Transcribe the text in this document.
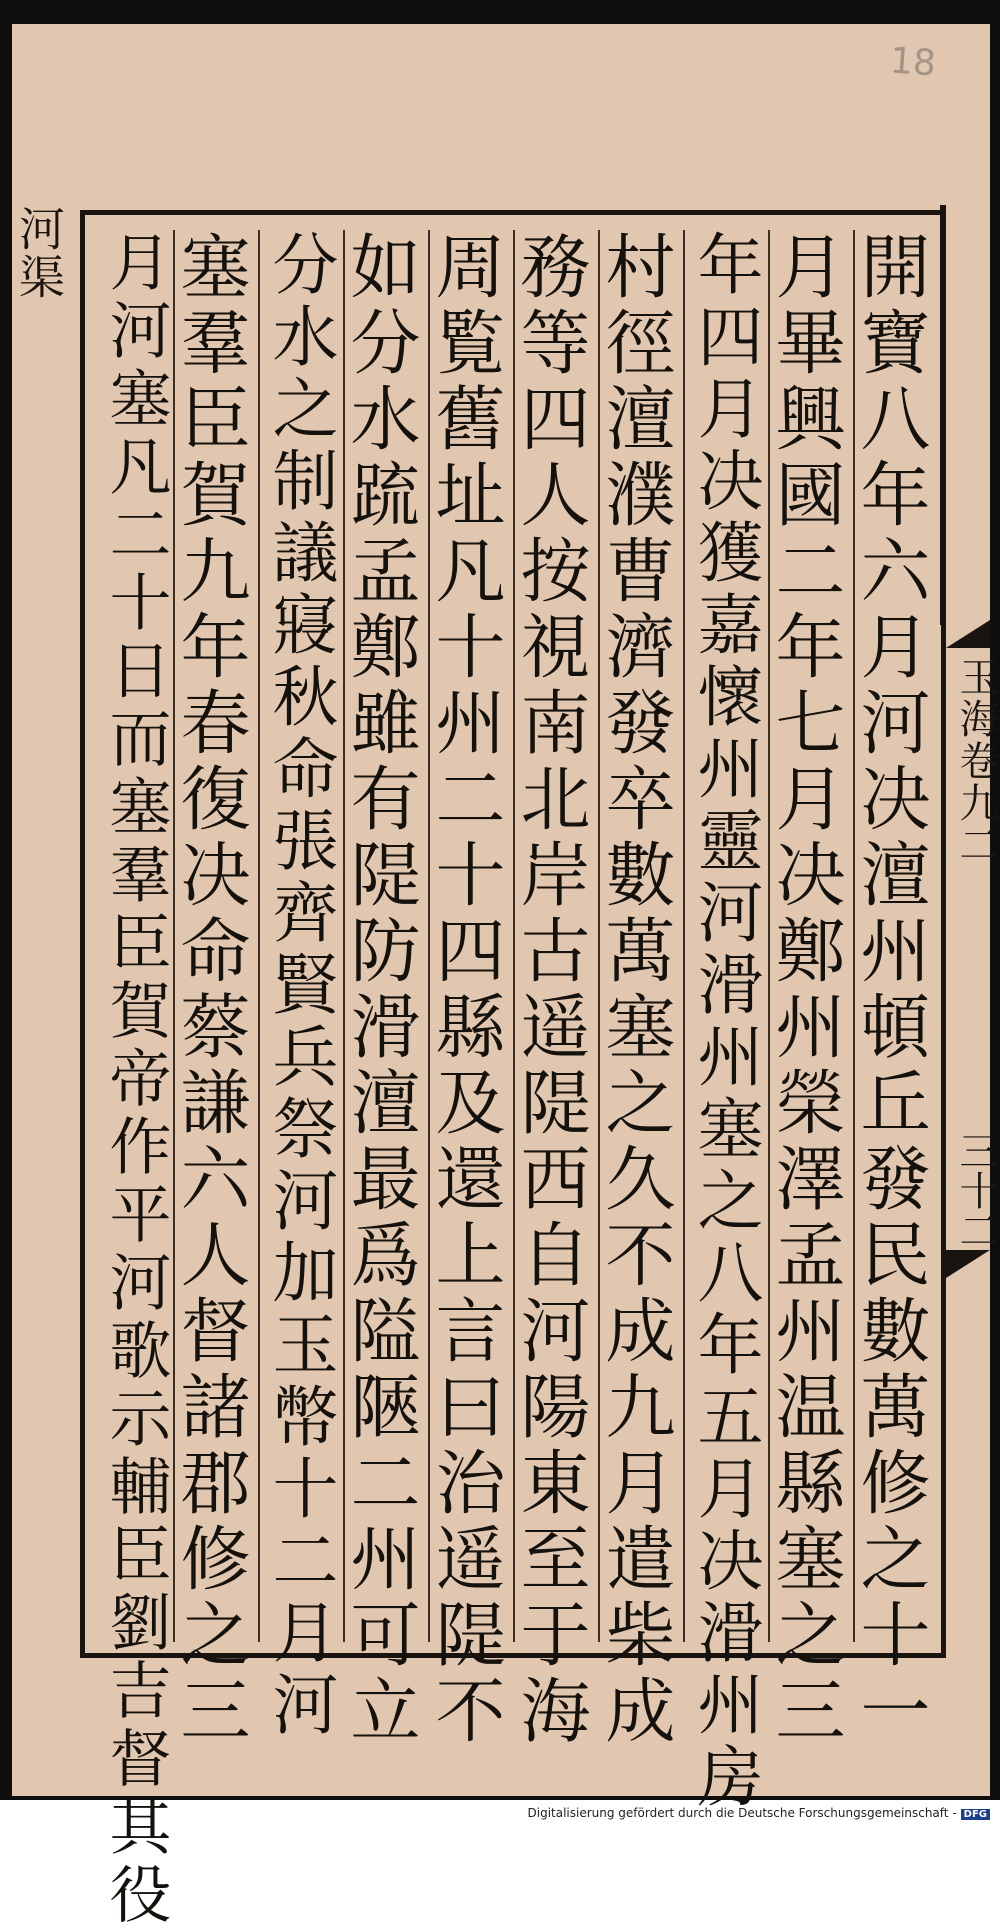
18
河渠	開寶八年六月河决澶州頓丘發民數萬修之十一
月畢興國二年七月决鄭州榮澤孟州温縣塞之三
年四月决獲嘉懷州靈河滑州塞之八年五月决滑州房
村徑澶濮曹濟發卒數萬塞之久不成九月遣柴成
務等四人按視南北岸古遥隄西自河陽東至于海
周覧舊址凡十州二十四縣及還上言曰治遥隄不
如分水䟽孟鄭雖有隄防滑澶最爲隘陿二州可立
分水之制議寢秋命張齊賢兵祭河加玉幣十二月河
塞羣臣賀九年春復决命蔡謙六人督諸郡修之三
月河塞凡二十日而塞羣臣賀帝作平河歌示輔臣劉吉督其役	玉海卷九二
三十二
Digitalisierung gefördert durch die Deutsche Forschungsgemeinschaft - DFG
